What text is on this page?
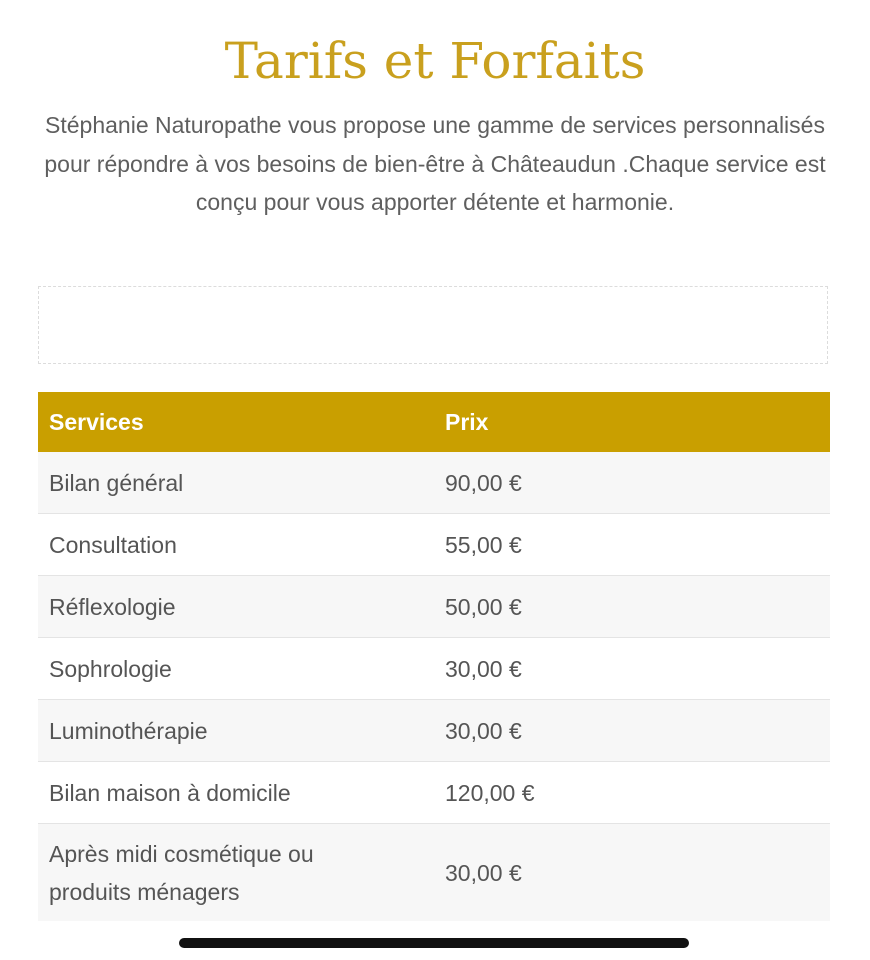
Tarifs et Forfaits

Stéphanie Naturopathe vous propose une gamme de services personnalisés pour répondre à vos besoins de bien-être à Châteaudun .Chaque service est conçu pour vous apporter détente et harmonie.

Services	Prix
Bilan général	90,00 €
Consultation	55,00 €
Réflexologie	50,00 €
Sophrologie	30,00 €
Luminothérapie	30,00 €
Bilan maison à domicile	120,00 €
Après midi cosmétique ou produits ménagers	30,00 €
